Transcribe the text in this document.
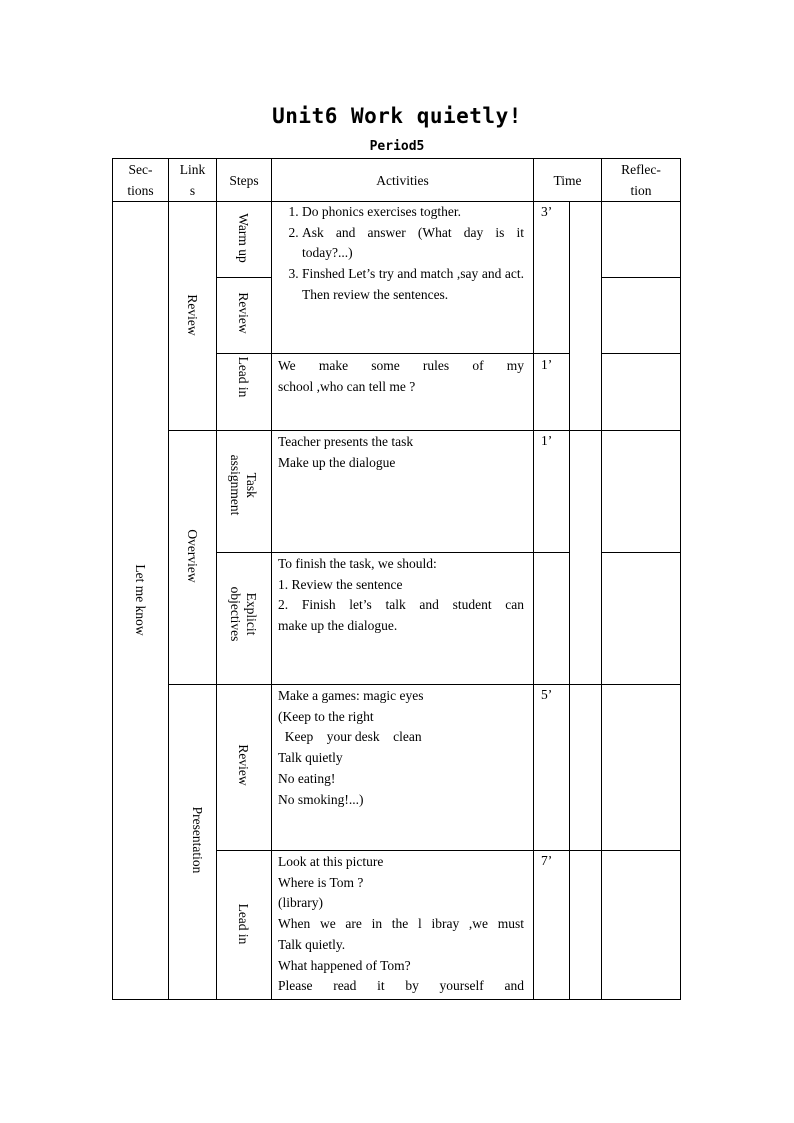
Unit6 Work quietly!
Period5
Sec-
tions
Link
s
Steps	Activities	Time
Reflec-
tion
Let me know
Review
Overview
Presentation
Warm up
Review
Lead in
Task
assignment
Explicit
objectives
Review
Lead in
1. Do phonics exercises togther.
2. Ask and answer (What day is it today?...)
3. Finshed Let’s try and match ,say and act. Then review the sentences.
We make some rules of my
school ,who can tell me ?
Teacher presents the task
Make up the dialogue
To finish the task, we should:
1. Review the sentence
2. Finish let’s talk and student can
make up the dialogue.
Make a games: magic eyes
(Keep to the right
Keep    your desk    clean
Talk quietly
No eating!
No smoking!...)
Look at this picture
Where is Tom ?
(library)
When we are in the l ibray ,we must
Talk quietly.
What happened of Tom?
Please read it by yourself and
3’
1’
1’
5’
7’
